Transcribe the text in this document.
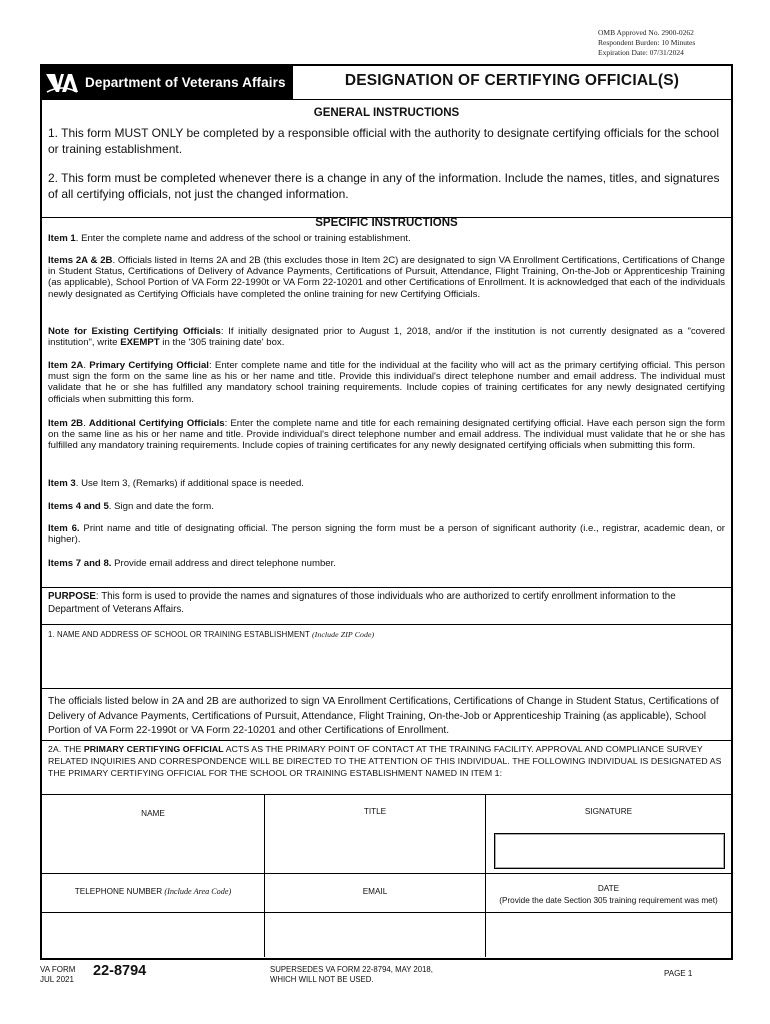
OMB Approved No. 2900-0262
Respondent Burden: 10 Minutes
Expiration Date: 07/31/2024
Department of Veterans Affairs	DESIGNATION OF CERTIFYING OFFICIAL(S)
GENERAL INSTRUCTIONS

1. This form MUST ONLY be completed by a responsible official with the authority to designate certifying officials for the school or training establishment.

2. This form must be completed whenever there is a change in any of the information. Include the names, titles, and signatures of all certifying officials, not just the changed information.

SPECIFIC INSTRUCTIONS

Item 1. Enter the complete name and address of the school or training establishment.

Items 2A & 2B. Officials listed in Items 2A and 2B (this excludes those in Item 2C) are designated to sign VA Enrollment Certifications, Certifications of Change in Student Status, Certifications of Delivery of Advance Payments, Certifications of Pursuit, Attendance, Flight Training, On-the-Job or Apprenticeship Training (as applicable), School Portion of VA Form 22-1990t or VA Form 22-10201 and other Certifications of Enrollment. It is acknowledged that each of the individuals newly designated as Certifying Officials have completed the online training for new Certifying Officials.

Note for Existing Certifying Officials: If initially designated prior to August 1, 2018, and/or if the institution is not currently designated as a "covered institution", write EXEMPT in the '305 training date' box.

Item 2A. Primary Certifying Official: Enter complete name and title for the individual at the facility who will act as the primary certifying official. This person must sign the form on the same line as his or her name and title. Provide this individual's direct telephone number and email address. The individual must validate that he or she has fulfilled any mandatory school training requirements. Include copies of training certificates for any newly designated certifying officials when submitting this form.

Item 2B. Additional Certifying Officials: Enter the complete name and title for each remaining designated certifying official. Have each person sign the form on the same line as his or her name and title. Provide individual's direct telephone number and email address. The individual must validate that he or she has fulfilled any mandatory training requirements. Include copies of training certificates for any newly designated certifying officials when submitting this form.

Item 3. Use Item 3, (Remarks) if additional space is needed.

Items 4 and 5. Sign and date the form.

Item 6. Print name and title of designating official. The person signing the form must be a person of significant authority (i.e., registrar, academic dean, or higher).

Items 7 and 8. Provide email address and direct telephone number.

PURPOSE: This form is used to provide the names and signatures of those individuals who are authorized to certify enrollment information to the Department of Veterans Affairs.

1. NAME AND ADDRESS OF SCHOOL OR TRAINING ESTABLISHMENT (Include ZIP Code)

The officials listed below in 2A and 2B are authorized to sign VA Enrollment Certifications, Certifications of Change in Student Status, Certifications of Delivery of Advance Payments, Certifications of Pursuit, Attendance, Flight Training, On-the-Job or Apprenticeship Training (as applicable), School Portion of VA Form 22-1990t or VA Form 22-10201 and other Certifications of Enrollment.

2A. THE PRIMARY CERTIFYING OFFICIAL ACTS AS THE PRIMARY POINT OF CONTACT AT THE TRAINING FACILITY. APPROVAL AND COMPLIANCE SURVEY RELATED INQUIRIES AND CORRESPONDENCE WILL BE DIRECTED TO THE ATTENTION OF THIS INDIVIDUAL. THE FOLLOWING INDIVIDUAL IS DESIGNATED AS THE PRIMARY CERTIFYING OFFICIAL FOR THE SCHOOL OR TRAINING ESTABLISHMENT NAMED IN ITEM 1:

NAME	TITLE	SIGNATURE
TELEPHONE NUMBER (Include Area Code)	EMAIL	DATE
(Provide the date Section 305 training requirement was met)
VA FORM
JUL 2021
22-8794	SUPERSEDES VA FORM 22-8794, MAY 2018,
WHICH WILL NOT BE USED.
PAGE 1
